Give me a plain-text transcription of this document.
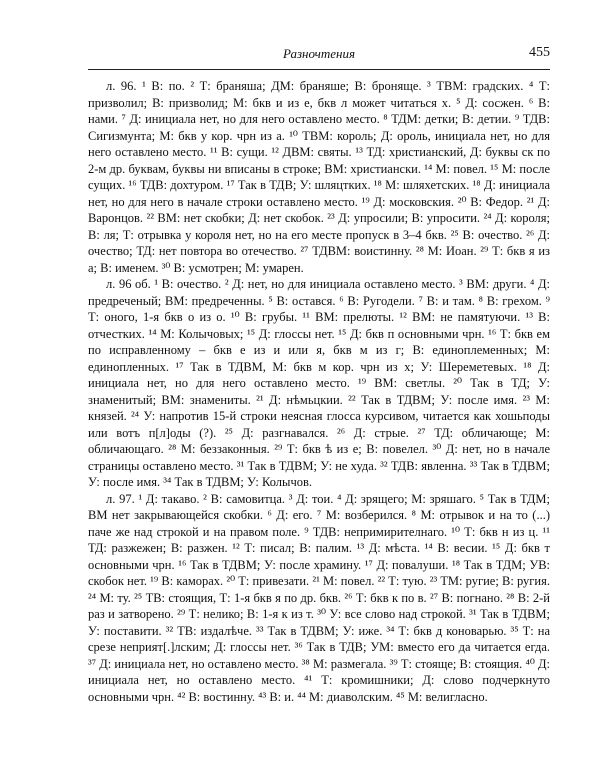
Разночтения	455

л. 96. ¹ В: по. ² Т: браняша; ДМ: браняше; В: броняще. ³ ТВМ: градских. ⁴ Т: призволил; В: призволид; М: бкв и из е, бкв л может читаться х. ⁵ Д: сосжен. ⁶ В: нами. ⁷ Д: инициала нет, но для него оставлено место. ⁸ ТДМ: детки; В: детии. ⁹ ТДВ: Сигизмунта; М: бкв у кор. чрн из а. ¹⁰ ТВМ: король; Д: ороль, инициала нет, но для него оставлено место. ¹¹ В: сущи. ¹² ДВМ: святы. ¹³ ТД: христианский, Д: буквы ск по 2-м др. буквам, буквы ни вписаны в строке; ВМ: христиански. ¹⁴ М: повел. ¹⁵ М: после сущих. ¹⁶ ТДВ: дохтуром. ¹⁷ Так в ТДВ; У: шляцтких. ¹⁸ М: шляхетских. ¹⁸ Д: инициала нет, но для него в начале строки оставлено место. ¹⁹ Д: московския. ²⁰ В: Федор. ²¹ Д: Варонцов. ²² ВМ: нет скобки; Д: нет скобок. ²³ Д: упросили; В: упросити. ²⁴ Д: короля; В: ля; Т: отрывка у короля нет, но на его месте пропуск в 3–4 бкв. ²⁵ В: очество. ²⁶ Д: очество; ТД: нет повтора во отечество. ²⁷ ТДВМ: воистинну. ²⁸ М: Иоан. ²⁹ Т: бкв я из а; В: именем. ³⁰ В: усмотрен; М: умарен.

л. 96 об. ¹ В: очество. ² Д: нет, но для инициала оставлено место. ³ ВМ: други. ⁴ Д: предреченый; ВМ: предреченны. ⁵ В: остався. ⁶ В: Ругодели. ⁷ В: и там. ⁸ В: грехом. ⁹ Т: оного, 1-я бкв о из о. ¹⁰ В: грубы. ¹¹ ВМ: прелюты. ¹² ВМ: не памятуючи. ¹³ В: отчестких. ¹⁴ М: Колычовых; ¹⁵ Д: глоссы нет. ¹⁵ Д: бкв п основными чрн. ¹⁶ Т: бкв ем по исправленному – бкв е из и или я, бкв м из г; В: единоплеменных; М: единопленных. ¹⁷ Так в ТДВМ, М: бкв м кор. чрн из х; У: Шереметевых. ¹⁸ Д: инициала нет, но для него оставлено место. ¹⁹ ВМ: светлы. ²⁰ Так в ТД; У: знаменитый; ВМ: знамениты. ²¹ Д: нѣмьцкии. ²² Так в ТДВМ; У: после имя. ²³ М: князей. ²⁴ У: напротив 15-й строки неясная глосса курсивом, читается как хошьподы или вотъ п[л]оды (?). ²⁵ Д: разгнавался. ²⁶ Д: стрые. ²⁷ ТД: обличающе; М: обличающаго. ²⁸ М: беззаконныя. ²⁹ Т: бкв ѣ из е; В: повелел. ³⁰ Д: нет, но в начале страницы оставлено место. ³¹ Так в ТДВМ; У: не худа. ³² ТДВ: явленна. ³³ Так в ТДВМ; У: после имя. ³⁴ Так в ТДВМ; У: Колычов.

л. 97. ¹ Д: такаво. ² В: самовитца. ³ Д: тои. ⁴ Д: зрящего; М: зряшаго. ⁵ Так в ТДМ; ВМ нет закрывающейся скобки. ⁶ Д: его. ⁷ М: возберился. ⁸ М: отрывок и на то (...) паче же над строкой и на правом поле. ⁹ ТДВ: непримирителнаго. ¹⁰ Т: бкв н из ц. ¹¹ ТД: разжежен; В: разжен. ¹² Т: писал; В: палим. ¹³ Д: мѣста. ¹⁴ В: весии. ¹⁵ Д: бкв т основными чрн. ¹⁶ Так в ТДВМ; У: после хрaмину. ¹⁷ Д: повалуши. ¹⁸ Так в ТДМ; УВ: скобок нет. ¹⁹ В: каморах. ²⁰ Т: привезати. ²¹ М: повел. ²² Т: тую. ²³ ТМ: ругие; В: ругия. ²⁴ М: ту. ²⁵ ТВ: стоящия, Т: 1-я бкв я по др. бкв. ²⁶ Т: бкв к по в. ²⁷ В: погнано. ²⁸ В: 2-й раз и затворено. ²⁹ Т: нелико; В: 1-я к из т. ³⁰ У: все слово над строкой. ³¹ Так в ТДВМ; У: поставити. ³² ТВ: издалѣче. ³³ Так в ТДВМ; У: иже. ³⁴ Т: бкв д коноварью. ³⁵ Т: на срезе неприят[.]лским; Д: глоссы нет. ³⁶ Так в ТДВ; УМ: вместо его да читается егда. ³⁷ Д: инициала нет, но оставлено место. ³⁸ М: размегала. ³⁹ Т: стояще; В: стоящия. ⁴⁰ Д: инициала нет, но оставлено место. ⁴¹ Т: кромишники; Д: слово подчеркнуто основными чрн. ⁴² В: востинну. ⁴³ В: и. ⁴⁴ М: диаволским. ⁴⁵ М: велигласно.
